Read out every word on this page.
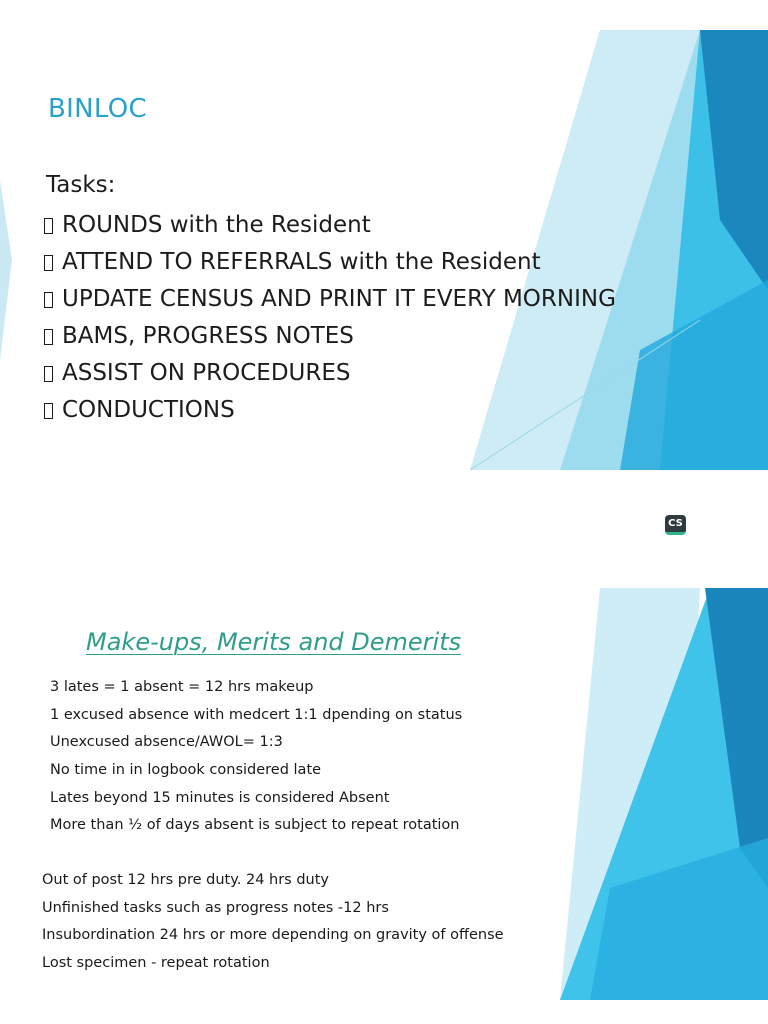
BINLOC
Tasks:
ROUNDS with the Resident
ATTEND TO REFERRALS with the Resident
UPDATE CENSUS AND PRINT IT EVERY MORNING
BAMS, PROGRESS NOTES
ASSIST ON PROCEDURES
CONDUCTIONS
CS
Make-ups, Merits and Demerits
3 lates = 1 absent = 12 hrs makeup
1 excused absence with medcert 1:1 dpending on status
Unexcused absence/AWOL= 1:3
No time in in logbook considered late
Lates beyond 15 minutes is considered Absent
More than ½ of days absent is subject to repeat rotation
Out of post 12 hrs pre duty. 24 hrs duty
Unfinished tasks such as progress notes -12 hrs
Insubordination 24 hrs or more depending on gravity of offense
Lost specimen - repeat rotation
